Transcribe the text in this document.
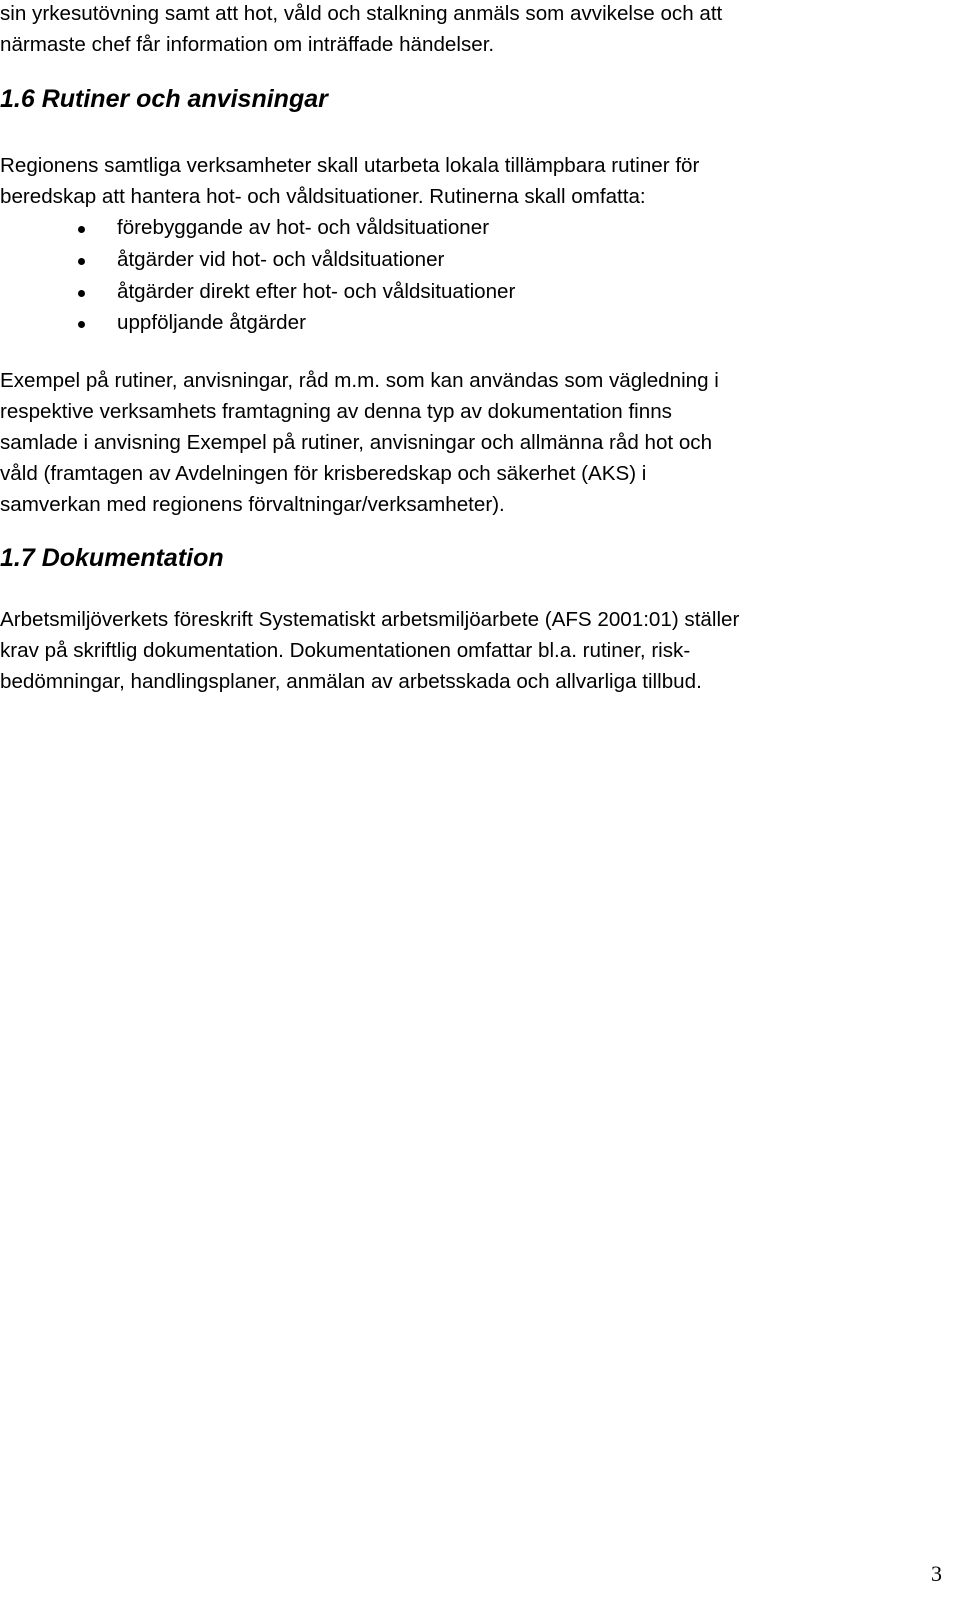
sin yrkesutövning samt att hot, våld och stalkning anmäls som avvikelse och att

närmaste chef får information om inträffade händelser.

1.6 Rutiner och anvisningar

Regionens samtliga verksamheter skall utarbeta lokala tillämpbara rutiner för

beredskap att hantera hot- och våldsituationer. Rutinerna skall omfatta:

förebyggande av hot- och våldsituationer
åtgärder vid hot- och våldsituationer
åtgärder direkt efter hot- och våldsituationer
uppföljande åtgärder

Exempel på rutiner, anvisningar, råd m.m. som kan användas som vägledning i

respektive verksamhets framtagning av denna typ av dokumentation finns

samlade i anvisning Exempel på rutiner, anvisningar och allmänna råd hot och

våld (framtagen av Avdelningen för krisberedskap och säkerhet (AKS) i

samverkan med regionens förvaltningar/verksamheter).

1.7 Dokumentation

Arbetsmiljöverkets föreskrift Systematiskt arbetsmiljöarbete (AFS 2001:01) ställer

krav på skriftlig dokumentation. Dokumentationen omfattar bl.a. rutiner, risk-

bedömningar, handlingsplaner, anmälan av arbetsskada och allvarliga tillbud.

3
